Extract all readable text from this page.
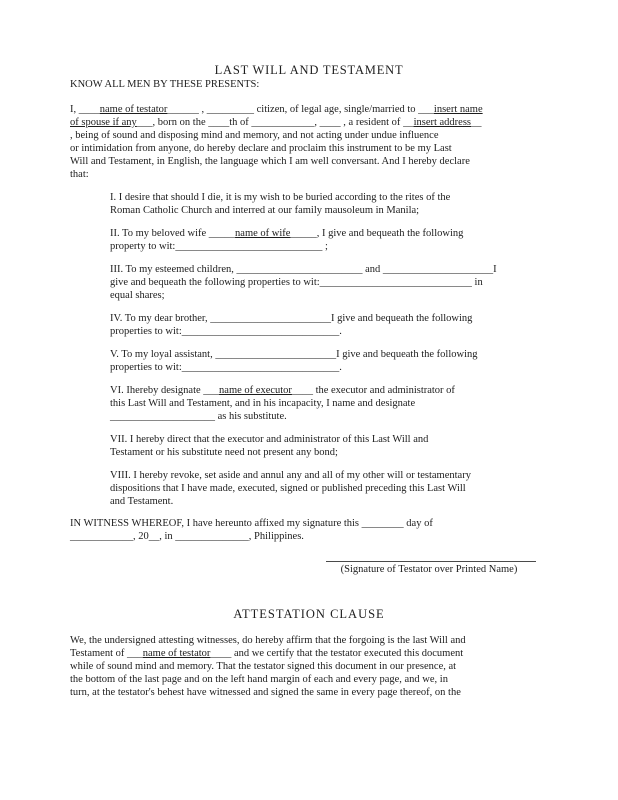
LAST WILL AND TESTAMENT

KNOW ALL MEN BY THESE PRESENTS:

I, ____name of testator______ , _________ citizen, of legal age, single/married to ___insert name
of spouse if any___, born on the ____th of ____________, ____ , a resident of __insert address__
, being of sound and disposing mind and memory, and not acting under undue influence
or intimidation from anyone, do hereby declare and proclaim this instrument to be my Last
Will and Testament, in English, the language which I am well conversant. And I hereby declare
that:

I. I desire that should I die, it is my wish to be buried according to the rites of the
Roman Catholic Church and interred at our family mausoleum in Manila;

II. To my beloved wife _____name of wife_____, I give and bequeath the following
property to wit:____________________________ ;

III. To my esteemed children, ________________________ and _____________________I
give and bequeath the following properties to wit:_____________________________ in
equal shares;

IV. To my dear brother, _______________________I give and bequeath the following
properties to wit:______________________________.

V. To my loyal assistant, _______________________I give and bequeath the following
properties to wit:______________________________.

VI. Ihereby designate ___name of executor____ the executor and administrator of
this Last Will and Testament, and in his incapacity, I name and designate
____________________ as his substitute.

VII. I hereby direct that the executor and administrator of this Last Will and
Testament or his substitute need not present any bond;

VIII. I hereby revoke, set aside and annul any and all of my other will or testamentary
dispositions that I have made, executed, signed or published preceding this Last Will
and Testament.

IN WITNESS WHEREOF, I have hereunto affixed my signature this ________ day of
____________, 20__, in ______________, Philippines.

(Signature of Testator over Printed Name)
ATTESTATION CLAUSE

We, the undersigned attesting witnesses, do hereby affirm that the forgoing is the last Will and
Testament of ___name of testator____ and we certify that the testator executed this document
while of sound mind and memory. That the testator signed this document in our presence, at
the bottom of the last page and on the left hand margin of each and every page, and we, in
turn, at the testator's behest have witnessed and signed the same in every page thereof, on the
